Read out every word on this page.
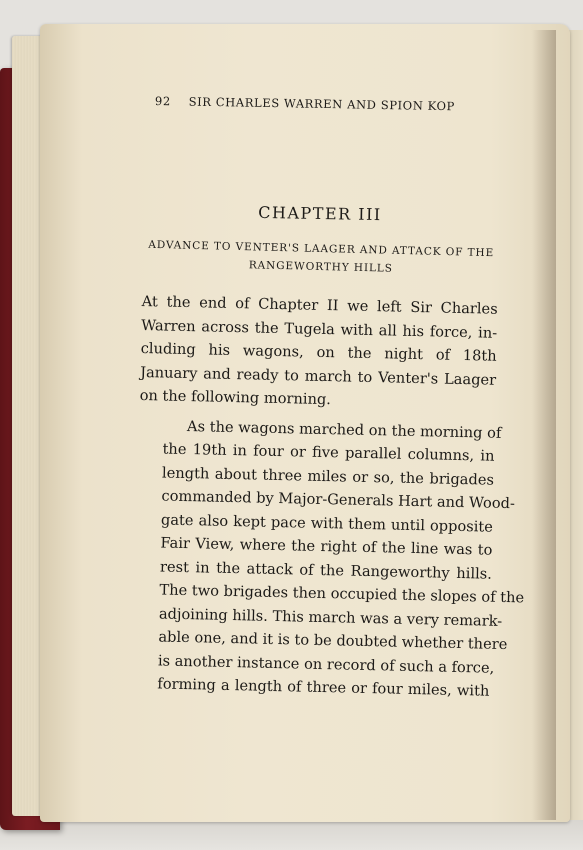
92 SIR CHARLES WARREN AND SPION KOP
CHAPTER III
ADVANCE TO VENTER'S LAAGER AND ATTACK OF THE
RANGEWORTHY HILLS

At the end of Chapter II we left Sir Charles
Warren across the Tugela with all his force, in-
cluding his wagons, on the night of 18th
January and ready to march to Venter's Laager
on the following morning.

As the wagons marched on the morning of
the 19th in four or five parallel columns, in
length about three miles or so, the brigades
commanded by Major-Generals Hart and Wood-
gate also kept pace with them until opposite
Fair View, where the right of the line was to
rest in the attack of the Rangeworthy hills.
The two brigades then occupied the slopes of the
adjoining hills. This march was a very remark-
able one, and it is to be doubted whether there
is another instance on record of such a force,
forming a length of three or four miles, with
